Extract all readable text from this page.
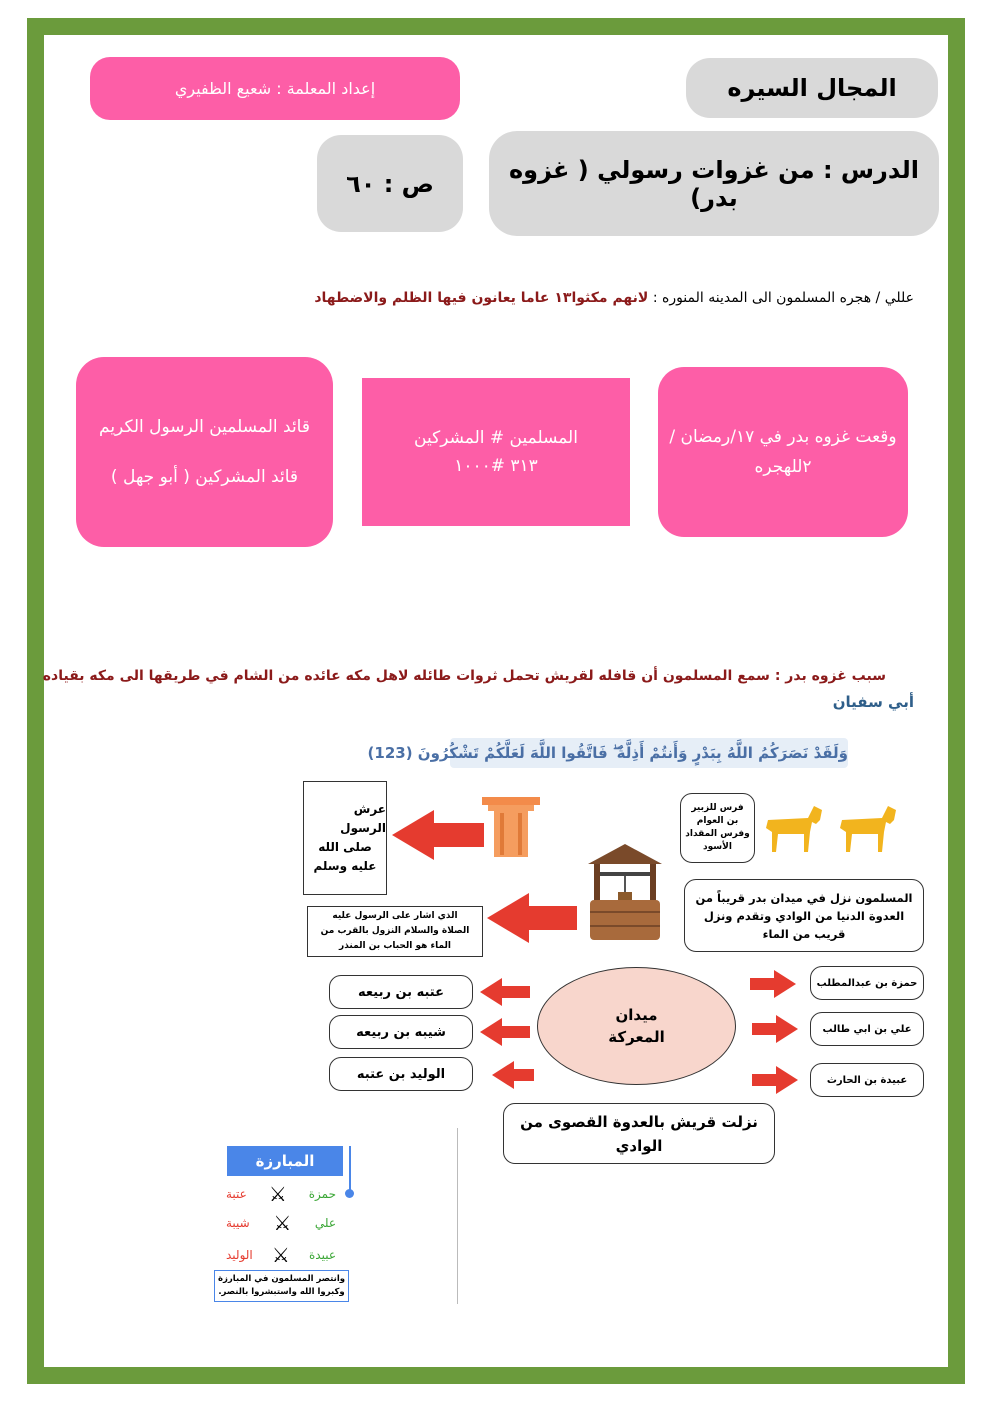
المجال السيره
إعداد المعلمة : شعيع الظفيري
الدرس : من غزوات رسولي ( غزوه بدر)
ص : ٦٠
عللي / هجره المسلمون الى المدينه المنوره : لانهم مكثوا١٣ عاما يعانون فيها الظلم والاضطهاد
وقعت غزوه بدر في ١٧/رمضان /
٢للهجره
المسلمين # المشركين
٣١٣ #١٠٠٠
قائد المسلمين الرسول الكريم
قائد المشركين ( أبو جهل )
سبب غزوه بدر : سمع المسلمون أن قافله لقريش تحمل ثروات طائله لاهل مكه عائده من الشام في طريقها الى مكه بقياده
أبي سفيان
وَلَقَدْ نَصَرَكُمُ اللَّهُ بِبَدْرٍ وَأَنتُمْ أَذِلَّةٌ ۖ فَاتَّقُوا اللَّهَ لَعَلَّكُمْ تَشْكُرُونَ (123)
فرس للزبير
بن العوام
وفرس المقداد
الأسود
عرش الرسول
صلى الله
عليه وسلم
المسلمون نزل في ميدان بدر قريباً من
العدوة الدنيا من الوادي وتقدم ونزل
قريب من الماء
الذي اشار على الرسول عليه
الصلاة والسلام النزول بالقرب من
الماء هو الحباب بن المنذر
عتبه بن ربيعه
شيبه بن ربيعه
الوليد بن عتبه
ميدان
المعركة
حمزة بن عبدالمطلب
علي بن ابي طالب
عبيدة بن الحارث
نزلت قريش بالعدوة القصوى من
الوادي
المبارزة
عتبة ⚔ حمزة
شيبة ⚔ علي
الوليد ⚔ عبيدة
وانتصر المسلمون في المبارزة
وكبروا الله واستبشروا بالنصر.
